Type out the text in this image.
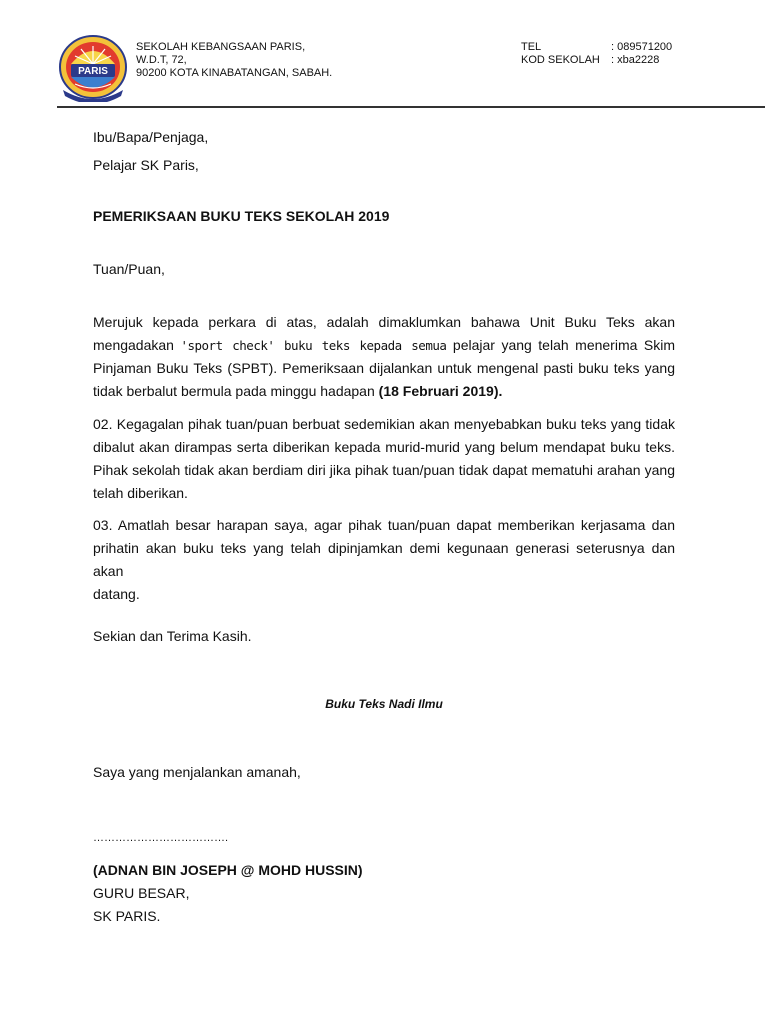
PARIS
SEKOLAH KEBANGSAAN PARIS,
W.D.T, 72,
90200 KOTA KINABATANGAN, SABAH.
TEL	: 089571200
KOD SEKOLAH	: xba2228
Ibu/Bapa/Penjaga,
Pelajar SK Paris,
PEMERIKSAAN BUKU TEKS SEKOLAH 2019
Tuan/Puan,
Merujuk kepada perkara di atas, adalah dimaklumkan bahawa Unit Buku Teks akan
mengadakan 'sport check' buku teks kepada semua pelajar yang telah menerima Skim
Pinjaman Buku Teks (SPBT). Pemeriksaan dijalankan untuk mengenal pasti buku teks yang
tidak berbalut bermula pada minggu hadapan (18 Februari 2019).
02. Kegagalan pihak tuan/puan berbuat sedemikian akan menyebabkan buku teks yang tidak
dibalut akan dirampas serta diberikan kepada murid-murid yang belum mendapat buku teks.
Pihak sekolah tidak akan berdiam diri jika pihak tuan/puan tidak dapat mematuhi arahan yang
telah diberikan.
03. Amatlah besar harapan saya, agar pihak tuan/puan dapat memberikan kerjasama dan
prihatin akan buku teks yang telah dipinjamkan demi kegunaan generasi seterusnya dan akan
datang.
Sekian dan Terima Kasih.
Buku Teks Nadi Ilmu
Saya yang menjalankan amanah,
……………………………….
(ADNAN BIN JOSEPH @ MOHD HUSSIN)
GURU BESAR,
SK PARIS.
